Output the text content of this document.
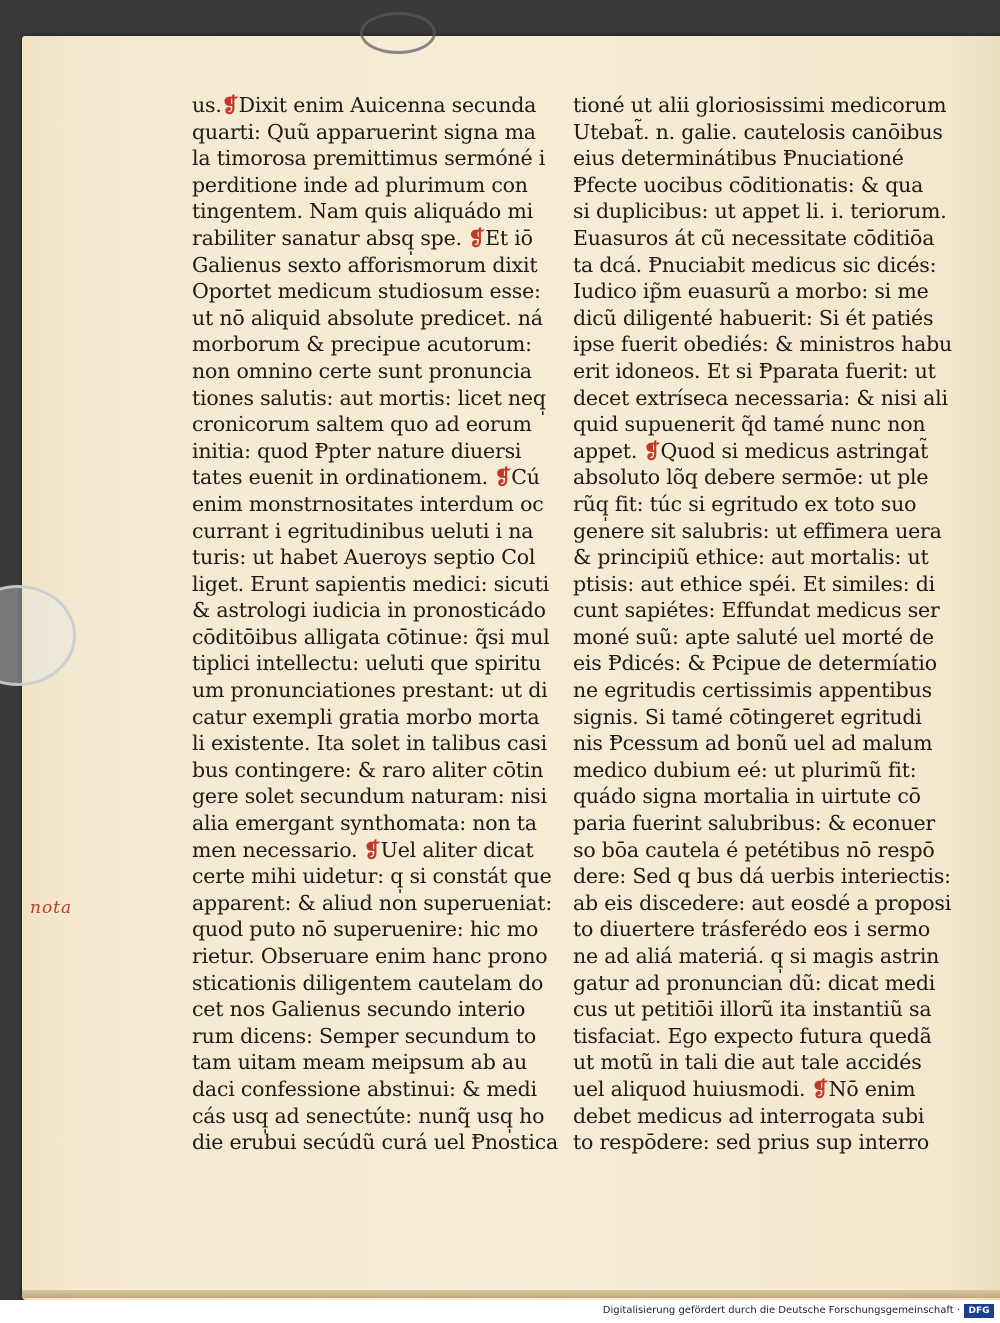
us.❡Dixit enim Auicenna secunda
quarti: Quũ apparuerint signa ma
la timorosa premittimus sermóné i
perditione inde ad plurimum con
tingentem. Nam quis aliquádo mi
rabiliter sanatur absq̩ spe. ❡Et iō
Galienus sexto afforismorum dixit
Oportet medicum studiosum esse:
ut nō aliquid absolute predicet. ná
morborum & precipue acutorum:
non omnino certe sunt pronuncia
tiones salutis: aut mortis: licet neq̩
cronicorum saltem quo ad eorum
initia: quod Ᵽpter nature diuersi
tates euenit in ordinationem. ❡Cú
enim monstrnositates interdum oc
currant i egritudinibus ueluti i na
turis: ut habet Aueroys septio Col
liget. Erunt sapientis medici: sicuti
& astrologi iudicia in pronosticádo
cōditōibus alligata cōtinue: q̃si mul
tiplici intellectu: ueluti que spiritu
um pronunciationes prestant: ut di
catur exempli gratia morbo morta
li existente. Ita solet in talibus casi
bus contingere: & raro aliter cōtin
gere solet secundum naturam: nisi
alia emergant synthomata: non ta
men necessario. ❡Uel aliter dicat
certe mihi uidetur: q̩ si constát que
apparent: & aliud non superueniat:
quod puto nō superuenire: hic mo
rietur. Obseruare enim hanc prono
sticationis diligentem cautelam do
cet nos Galienus secundo interio
rum dicens: Semper secundum to
tam uitam meam meipsum ab au
daci confessione abstinui: & medi
cás usq̩ ad senectúte: nunq̃ usq̩ ho
die erubui secúdũ curá uel Ᵽnostica
tioné ut alii gloriosissimi medicorum
Utebat̃. n. galie. cautelosis canōibus
eius determinátibus Ᵽnuciationé
Ᵽfecte uocibus cōditionatis: & qua
si duplicibus: ut appet li. i. teriorum.
Euasuros át cũ necessitate cōditiōa
ta dcá. Ᵽnuciabit medicus sic dicés:
Iudico ip̃m euasurũ a morbo: si me
dicũ diligenté habuerit: Si ét patiés
ipse fuerit obediés: & ministros habu
erit idoneos. Et si Ᵽparata fuerit: ut
decet extríseca necessaria: & nisi ali
quid supuenerit q̃d tamé nunc non
appet. ❡Quod si medicus astringat̃
absoluto lõq debere sermōe: ut ple
rũq̩ fit: túc si egritudo ex toto suo
genere sit salubris: ut effimera uera
& principiũ ethice: aut mortalis: ut
ptisis: aut ethice spéi. Et similes: di
cunt sapiétes: Effundat medicus ser
moné suũ: apte saluté uel morté de
eis Ᵽdicés: & Ᵽcipue de determíatio
ne egritudis certissimis appentibus
signis. Si tamé cōtingeret egritudi
nis Ᵽcessum ad bonũ uel ad malum
medico dubium eé: ut plurimũ fit:
quádo signa mortalia in uirtute cō
paria fuerint salubribus: & econuer
so bōa cautela é petétibus nō respō
dere: Sed q bus dá uerbis interiectis:
ab eis discedere: aut eosdé a proposi
to diuertere trásferédo eos i sermo
ne ad aliá materiá. q̩ si magis astrin
gatur ad pronuncian dũ: dicat medi
cus ut petitiōi illorũ ita instantiũ sa
tisfaciat. Ego expecto futura quedã
ut motũ in tali die aut tale accidés
uel aliquod huiusmodi. ❡Nō enim
debet medicus ad interrogata subi
to respōdere: sed prius sup interro
nota
Digitalisierung gefördert durch die Deutsche Forschungsgemeinschaft · DFG
